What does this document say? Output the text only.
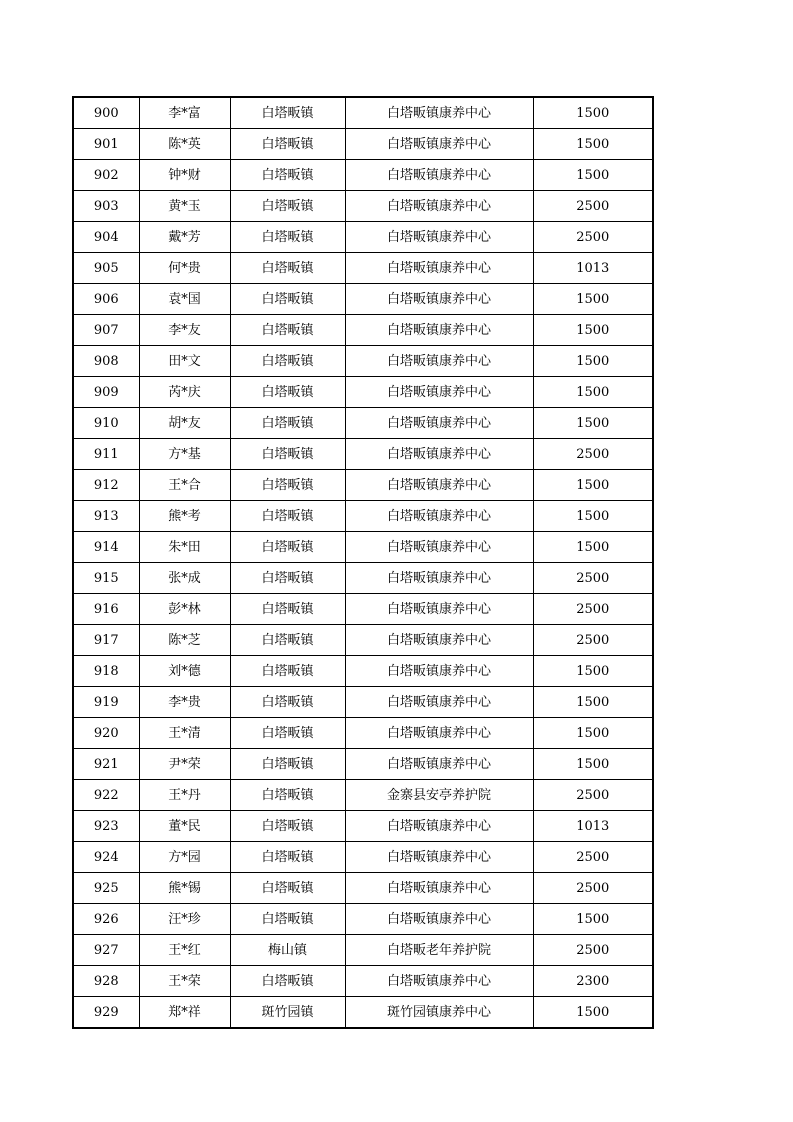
900	李*富	白塔畈镇	白塔畈镇康养中心	1500
901	陈*英	白塔畈镇	白塔畈镇康养中心	1500
902	钟*财	白塔畈镇	白塔畈镇康养中心	1500
903	黄*玉	白塔畈镇	白塔畈镇康养中心	2500
904	戴*芳	白塔畈镇	白塔畈镇康养中心	2500
905	何*贵	白塔畈镇	白塔畈镇康养中心	1013
906	袁*国	白塔畈镇	白塔畈镇康养中心	1500
907	李*友	白塔畈镇	白塔畈镇康养中心	1500
908	田*文	白塔畈镇	白塔畈镇康养中心	1500
909	芮*庆	白塔畈镇	白塔畈镇康养中心	1500
910	胡*友	白塔畈镇	白塔畈镇康养中心	1500
911	方*基	白塔畈镇	白塔畈镇康养中心	2500
912	王*合	白塔畈镇	白塔畈镇康养中心	1500
913	熊*考	白塔畈镇	白塔畈镇康养中心	1500
914	朱*田	白塔畈镇	白塔畈镇康养中心	1500
915	张*成	白塔畈镇	白塔畈镇康养中心	2500
916	彭*林	白塔畈镇	白塔畈镇康养中心	2500
917	陈*芝	白塔畈镇	白塔畈镇康养中心	2500
918	刘*德	白塔畈镇	白塔畈镇康养中心	1500
919	李*贵	白塔畈镇	白塔畈镇康养中心	1500
920	王*清	白塔畈镇	白塔畈镇康养中心	1500
921	尹*荣	白塔畈镇	白塔畈镇康养中心	1500
922	王*丹	白塔畈镇	金寨县安亭养护院	2500
923	董*民	白塔畈镇	白塔畈镇康养中心	1013
924	方*园	白塔畈镇	白塔畈镇康养中心	2500
925	熊*锡	白塔畈镇	白塔畈镇康养中心	2500
926	汪*珍	白塔畈镇	白塔畈镇康养中心	1500
927	王*红	梅山镇	白塔畈老年养护院	2500
928	王*荣	白塔畈镇	白塔畈镇康养中心	2300
929	郑*祥	斑竹园镇	斑竹园镇康养中心	1500
